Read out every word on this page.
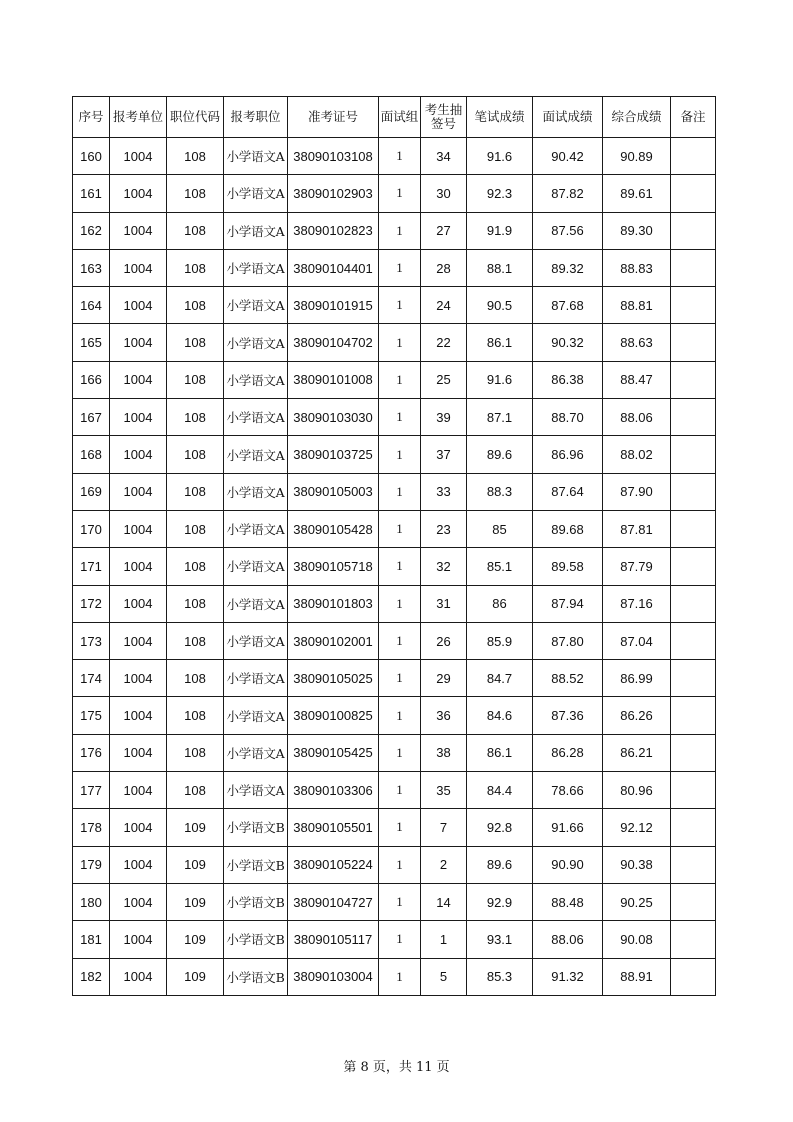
序号	报考单位	职位代码	报考职位	准考证号	面试组	考生抽签号	笔试成绩	面试成绩	综合成绩	备注
160	1004	108	小学语文A	38090103108	1	34	91.6	90.42	90.89	
161	1004	108	小学语文A	38090102903	1	30	92.3	87.82	89.61	
162	1004	108	小学语文A	38090102823	1	27	91.9	87.56	89.30	
163	1004	108	小学语文A	38090104401	1	28	88.1	89.32	88.83	
164	1004	108	小学语文A	38090101915	1	24	90.5	87.68	88.81	
165	1004	108	小学语文A	38090104702	1	22	86.1	90.32	88.63	
166	1004	108	小学语文A	38090101008	1	25	91.6	86.38	88.47	
167	1004	108	小学语文A	38090103030	1	39	87.1	88.70	88.06	
168	1004	108	小学语文A	38090103725	1	37	89.6	86.96	88.02	
169	1004	108	小学语文A	38090105003	1	33	88.3	87.64	87.90	
170	1004	108	小学语文A	38090105428	1	23	85	89.68	87.81	
171	1004	108	小学语文A	38090105718	1	32	85.1	89.58	87.79	
172	1004	108	小学语文A	38090101803	1	31	86	87.94	87.16	
173	1004	108	小学语文A	38090102001	1	26	85.9	87.80	87.04	
174	1004	108	小学语文A	38090105025	1	29	84.7	88.52	86.99	
175	1004	108	小学语文A	38090100825	1	36	84.6	87.36	86.26	
176	1004	108	小学语文A	38090105425	1	38	86.1	86.28	86.21	
177	1004	108	小学语文A	38090103306	1	35	84.4	78.66	80.96	
178	1004	109	小学语文B	38090105501	1	7	92.8	91.66	92.12	
179	1004	109	小学语文B	38090105224	1	2	89.6	90.90	90.38	
180	1004	109	小学语文B	38090104727	1	14	92.9	88.48	90.25	
181	1004	109	小学语文B	38090105117	1	1	93.1	88.06	90.08	
182	1004	109	小学语文B	38090103004	1	5	85.3	91.32	88.91	
第 8 页，共 11 页
